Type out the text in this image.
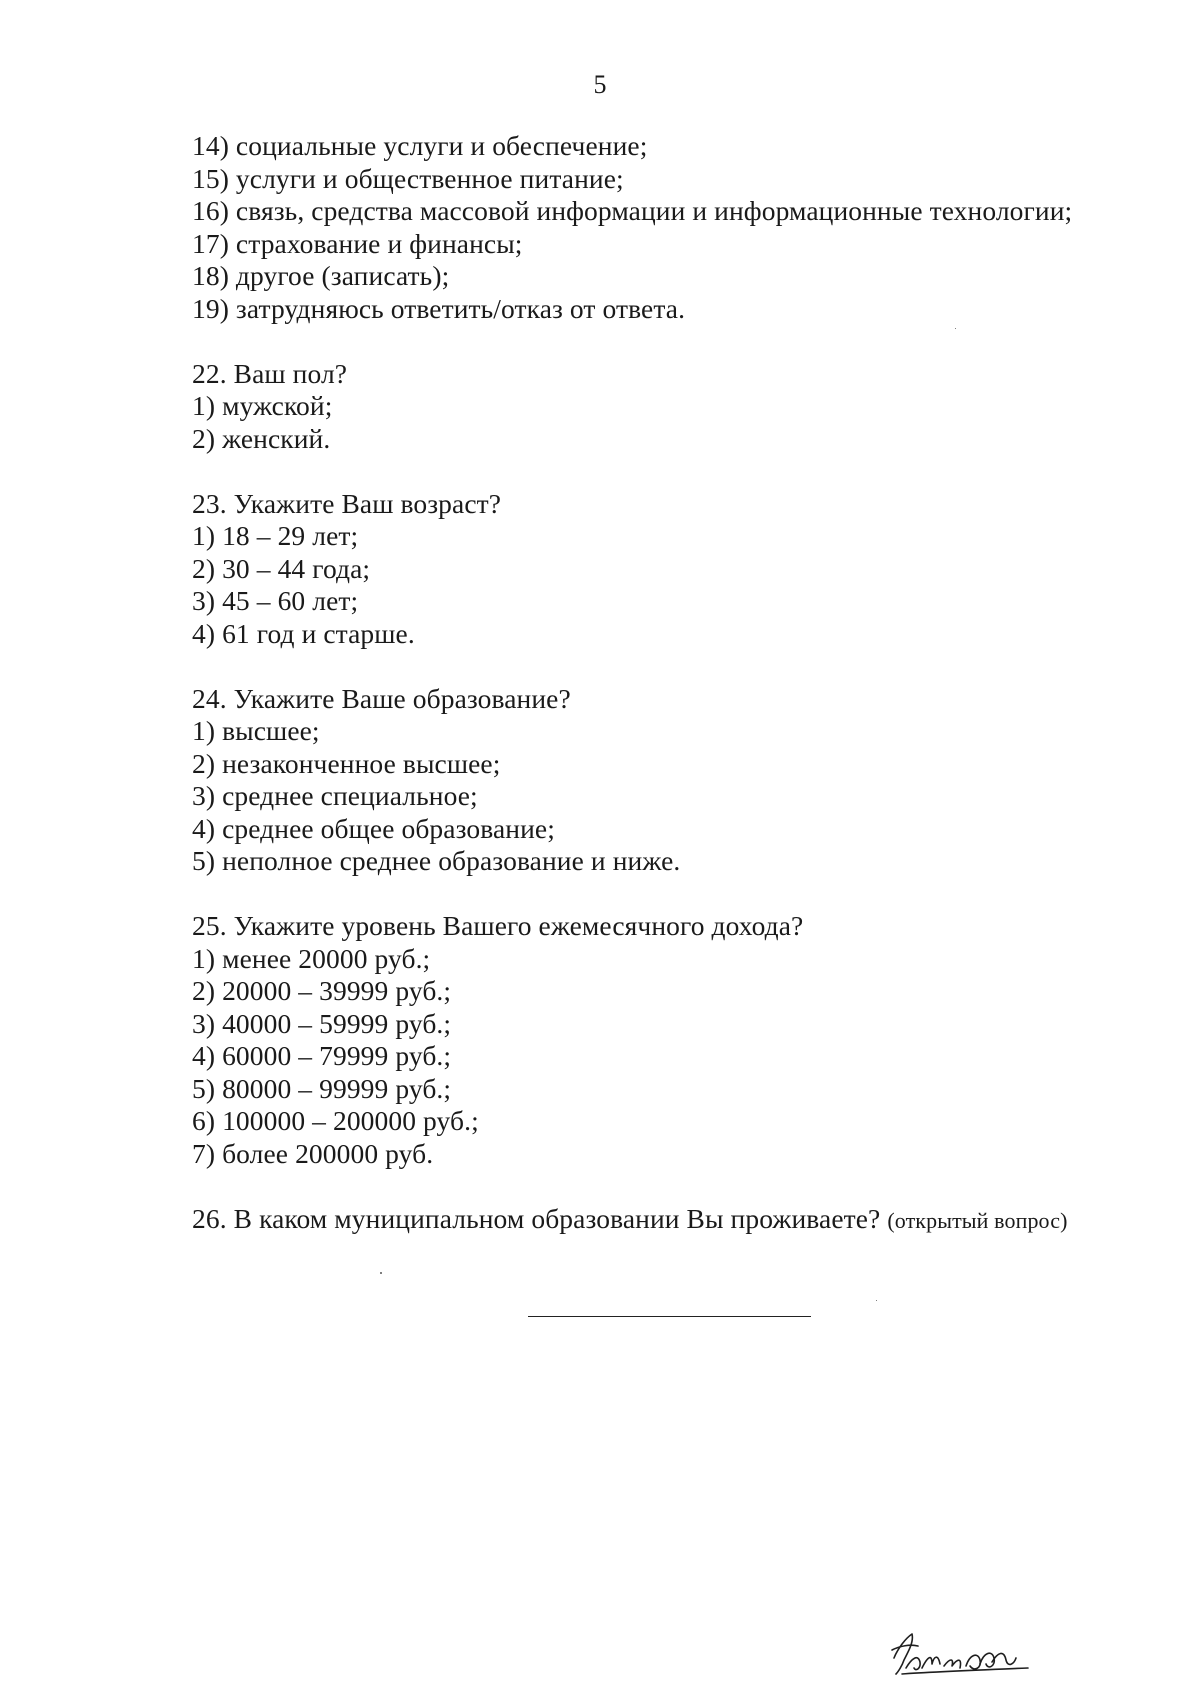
5
14) социальные услуги и обеспечение;
15) услуги и общественное питание;
16) связь, средства массовой информации и информационные технологии;
17) страхование и финансы;
18) другое (записать);
19) затрудняюсь ответить/отказ от ответа.
22. Ваш пол?
1) мужской;
2) женский.
23. Укажите Ваш возраст?
1) 18 – 29 лет;
2) 30 – 44 года;
3) 45 – 60 лет;
4) 61 год и старше.
24. Укажите Ваше образование?
1) высшее;
2) незаконченное высшее;
3) среднее специальное;
4) среднее общее образование;
5) неполное среднее образование и ниже.
25. Укажите уровень Вашего ежемесячного дохода?
1) менее 20000 руб.;
2) 20000 – 39999 руб.;
3) 40000 – 59999 руб.;
4) 60000 – 79999 руб.;
5) 80000 – 99999 руб.;
6) 100000 – 200000 руб.;
7) более 200000 руб.
26. В каком муниципальном образовании Вы проживаете? (открытый вопрос)
